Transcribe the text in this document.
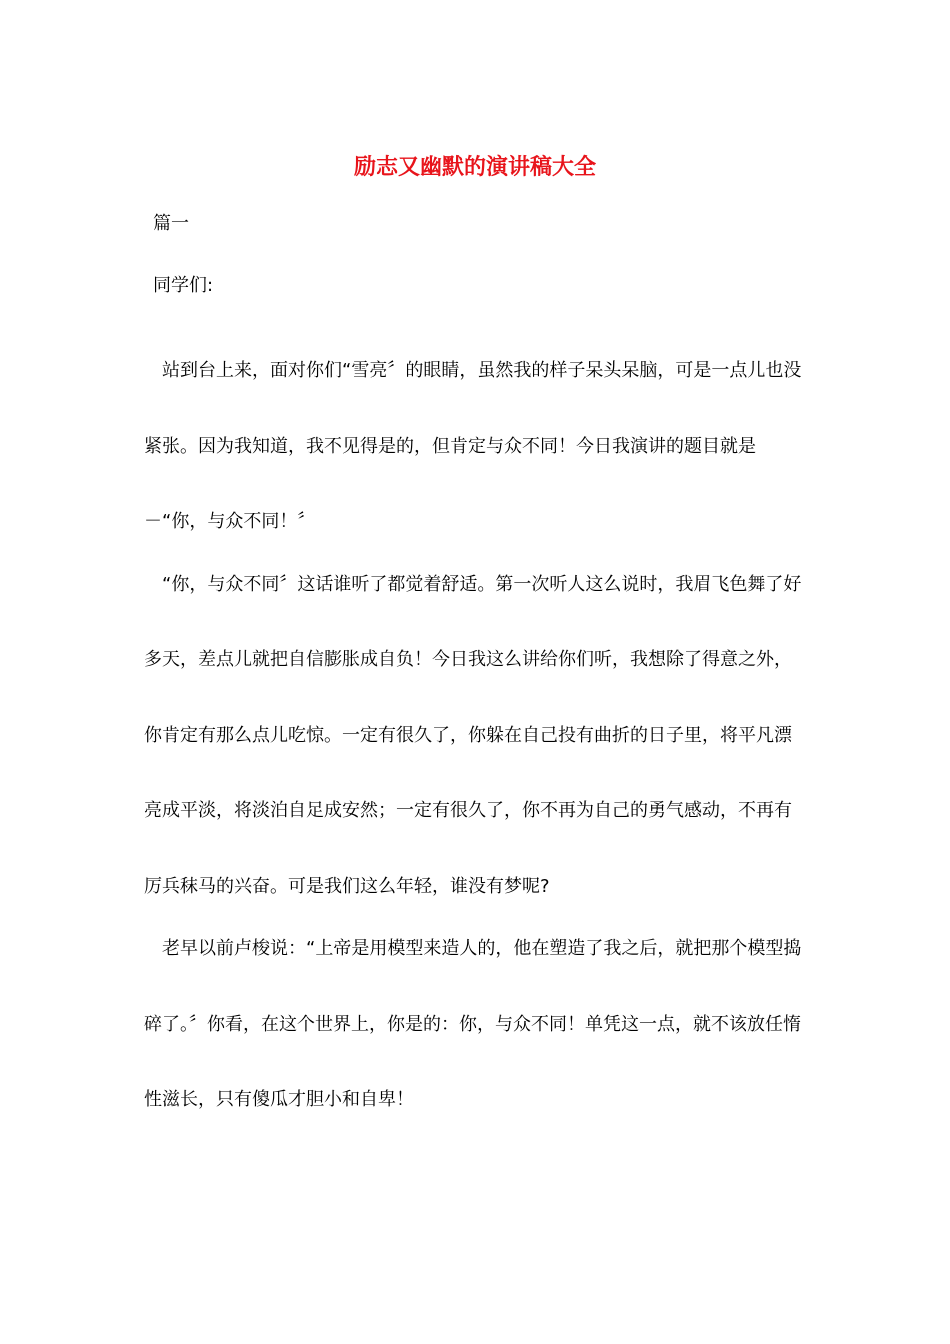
励志又幽默的演讲稿大全
篇一
同学们:

站到台上来，面对你们“雪亮〞的眼睛，虽然我的样子呆头呆脑，可是一点儿也没紧张。因为我知道，我不见得是的，但肯定与众不同！今日我演讲的题目就是－“你，与众不同！〞

“你，与众不同〞这话谁听了都觉着舒适。第一次听人这么说时，我眉飞色舞了好多天，差点儿就把自信膨胀成自负！今日我这么讲给你们听，我想除了得意之外，你肯定有那么点儿吃惊。一定有很久了，你躲在自己投有曲折的日子里，将平凡漂亮成平淡，将淡泊自足成安然；一定有很久了，你不再为自己的勇气感动，不再有厉兵秣马的兴奋。可是我们这么年轻，谁没有梦呢?

老早以前卢梭说：“上帝是用模型来造人的，他在塑造了我之后，就把那个模型捣碎了。〞你看，在这个世界上，你是的：你，与众不同！单凭这一点，就不该放任惰性滋长，只有傻瓜才胆小和自卑！
